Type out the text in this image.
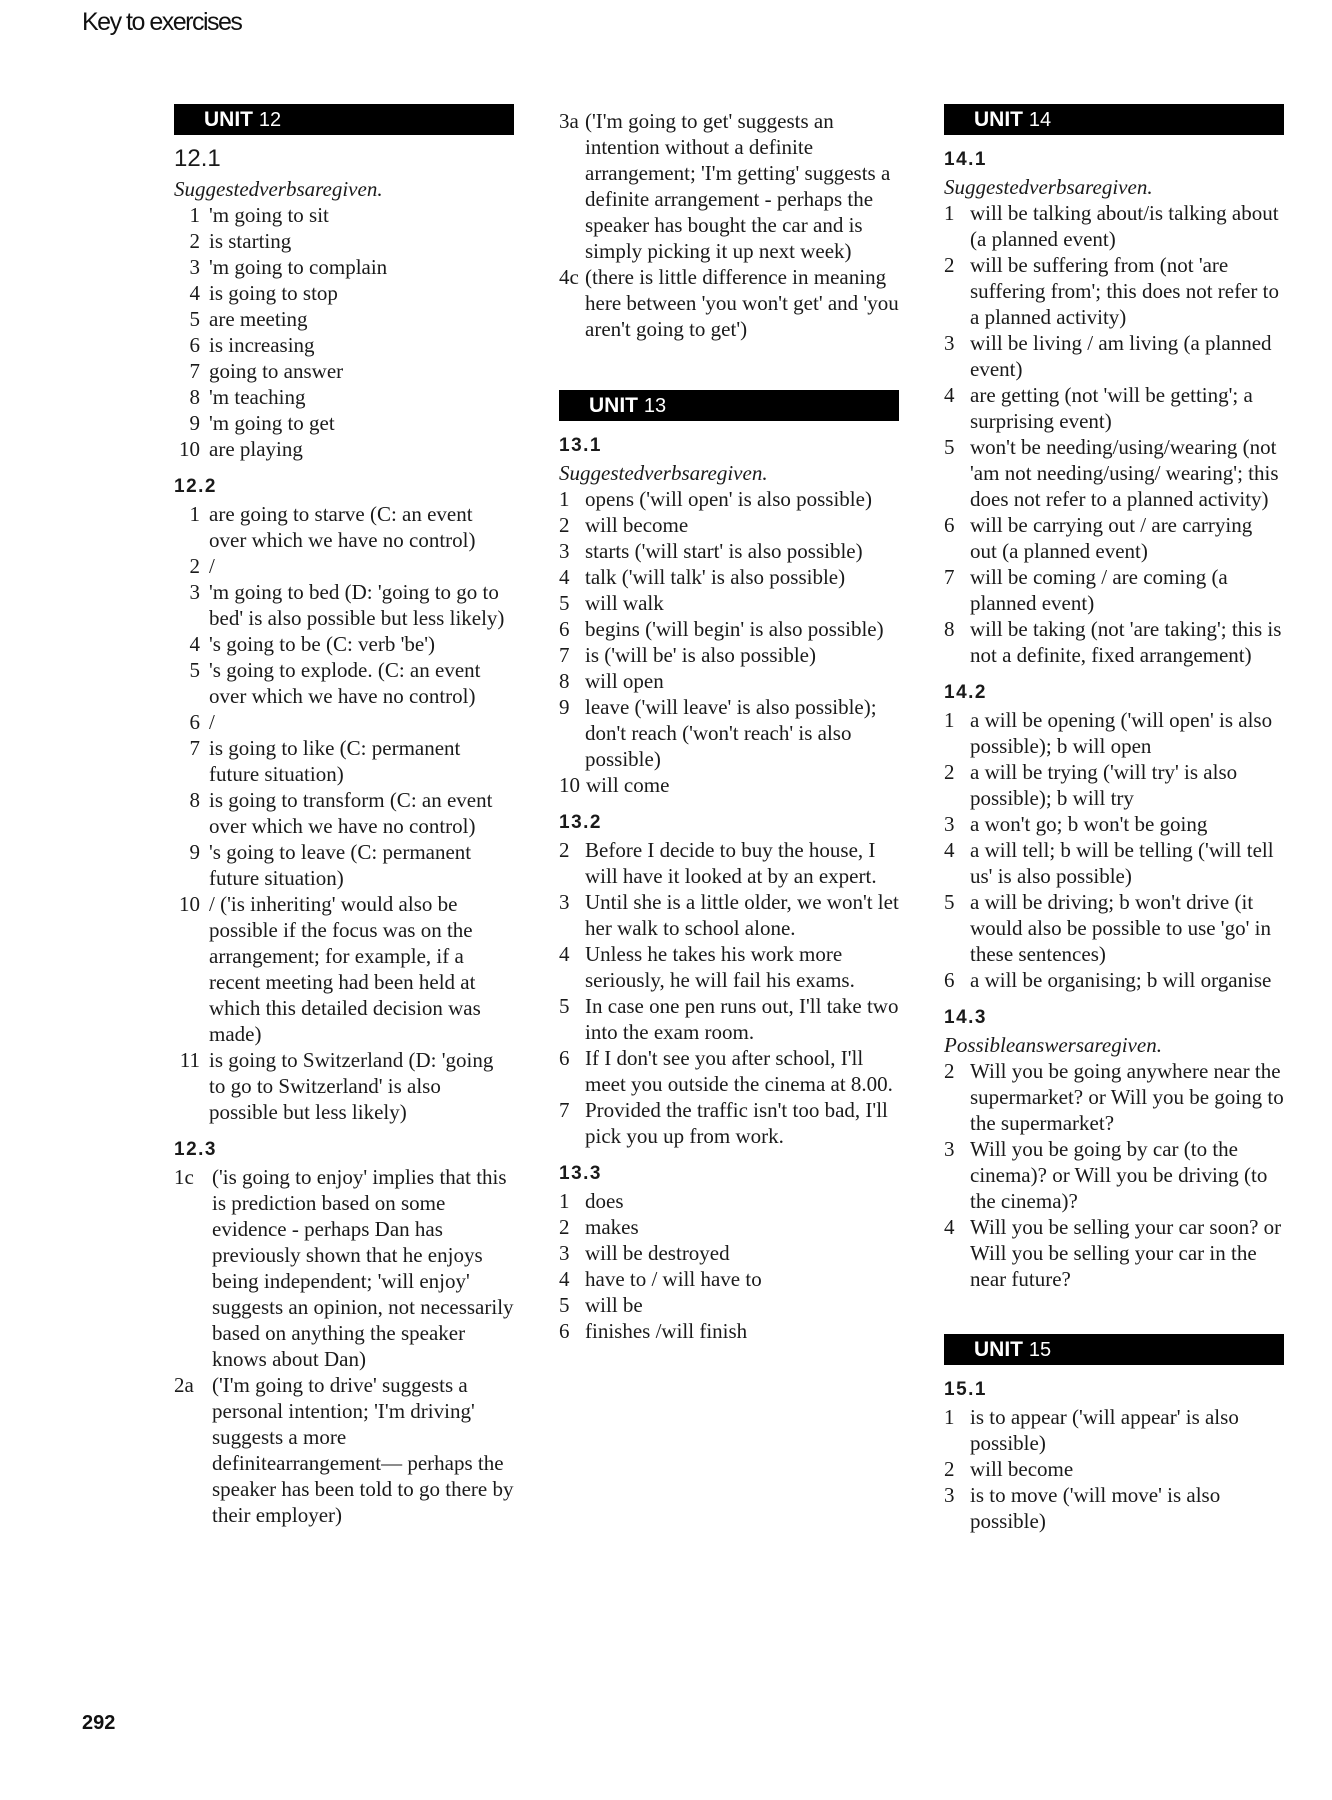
Key to exercises
UNIT 12
12.1
Suggestedverbsaregiven.
1 'm going to sit
2 is starting
3 'm going to complain
4 is going to stop
5 are meeting
6 is increasing
7 going to answer
8 'm teaching
9 'm going to get
10 are playing
12.2
1 are going to starve (C: an event over which we have no control)
2 /
3 'm going to bed (D: 'going to go to bed' is also possible but less likely)
4 's going to be (C: verb 'be')
5 's going to explode. (C: an event over which we have no control)
6 /
7 is going to like (C: permanent future situation)
8 is going to transform (C: an event over which we have no control)
9 's going to leave (C: permanent future situation)
10 / ('is inheriting' would also be possible if the focus was on the arrangement; for example, if a recent meeting had been held at which this detailed decision was made)
11 is going to Switzerland (D: 'going to go to Switzerland' is also possible but less likely)
12.3
1c ('is going to enjoy' implies that this is prediction based on some evidence - perhaps Dan has previously shown that he enjoys being independent; 'will enjoy' suggests an opinion, not necessarily based on anything the speaker knows about Dan)
2a ('I'm going to drive' suggests a personal intention; 'I'm driving' suggests a more definitearrangement— perhaps the speaker has been told to go there by their employer)
3a ('I'm going to get' suggests an intention without a definite arrangement; 'I'm getting' suggests a definite arrangement - perhaps the speaker has bought the car and is simply picking it up next week)
4c (there is little difference in meaning here between 'you won't get' and 'you aren't going to get')
UNIT 13
13.1
Suggestedverbsaregiven.
1 opens ('will open' is also possible)
2 will become
3 starts ('will start' is also possible)
4 talk ('will talk' is also possible)
5 will walk
6 begins ('will begin' is also possible)
7 is ('will be' is also possible)
8 will open
9 leave ('will leave' is also possible); don't reach ('won't reach' is also possible)
10 will come
13.2
2 Before I decide to buy the house, I will have it looked at by an expert.
3 Until she is a little older, we won't let her walk to school alone.
4 Unless he takes his work more seriously, he will fail his exams.
5 In case one pen runs out, I'll take two into the exam room.
6 If I don't see you after school, I'll meet you outside the cinema at 8.00.
7 Provided the traffic isn't too bad, I'll pick you up from work.
13.3
1 does
2 makes
3 will be destroyed
4 have to / will have to
5 will be
6 finishes /will finish
UNIT 14
14.1
Suggestedverbsaregiven.
1 will be talking about/is talking about (a planned event)
2 will be suffering from (not 'are suffering from'; this does not refer to a planned activity)
3 will be living / am living (a planned event)
4 are getting (not 'will be getting'; a surprising event)
5 won't be needing/using/wearing (not 'am not needing/using/ wearing'; this does not refer to a planned activity)
6 will be carrying out / are carrying out (a planned event)
7 will be coming / are coming (a planned event)
8 will be taking (not 'are taking'; this is not a definite, fixed arrangement)
14.2
1 a will be opening ('will open' is also possible); b will open
2 a will be trying ('will try' is also possible); b will try
3 a won't go; b won't be going
4 a will tell; b will be telling ('will tell us' is also possible)
5 a will be driving; b won't drive (it would also be possible to use 'go' in these sentences)
6 a will be organising; b will organise
14.3
Possibleanswersaregiven.
2 Will you be going anywhere near the supermarket? or Will you be going to the supermarket?
3 Will you be going by car (to the cinema)? or Will you be driving (to the cinema)?
4 Will you be selling your car soon? or Will you be selling your car in the near future?
UNIT 15
15.1
1 is to appear ('will appear' is also possible)
2 will become
3 is to move ('will move' is also possible)
292
